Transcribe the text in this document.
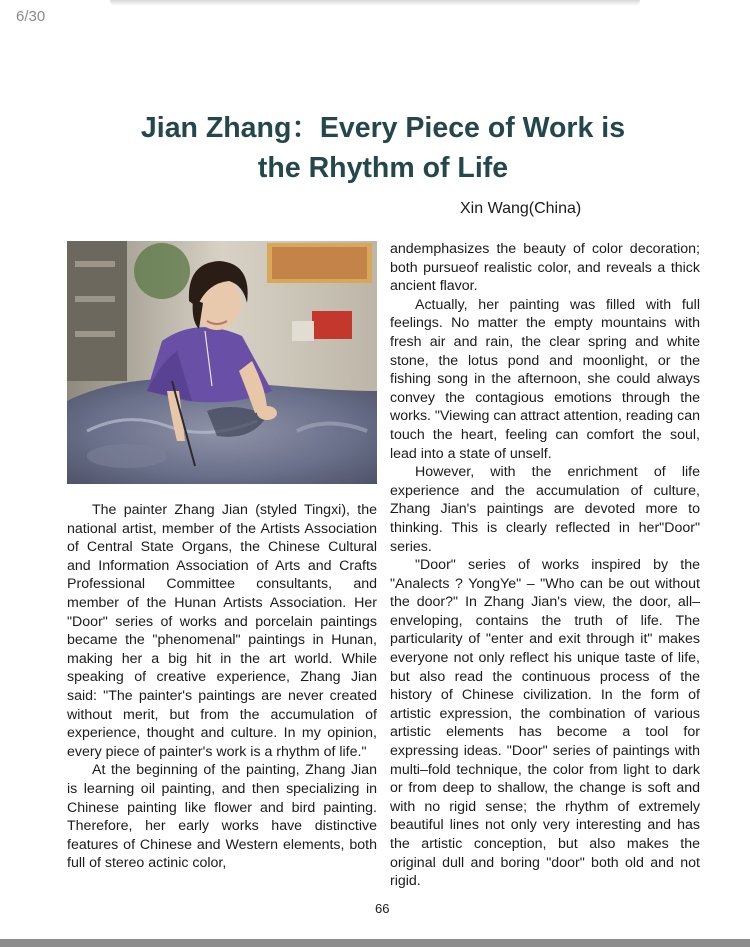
6/30
Jian Zhang：Every Piece of Work is
the Rhythm of Life
Xin Wang(China)

The painter Zhang Jian (styled Tingxi), the national artist, member of the Artists Association of Central State Organs, the Chinese Cultural and Information Association of Arts and Crafts Professional Committee consultants, and member of the Hunan Artists Association. Her "Door" series of works and porcelain paintings became the "phenomenal" paintings in Hunan, making her a big hit in the art world. While speaking of creative experience, Zhang Jian said: "The painter's paintings are never created without merit, but from the accumulation of experience, thought and culture. In my opinion, every piece of painter's work is a rhythm of life."

At the beginning of the painting, Zhang Jian is learning oil painting, and then specializing in Chinese painting like flower and bird painting. Therefore, her early works have distinctive features of Chinese and Western elements, both full of stereo actinic color,

andemphasizes the beauty of color decoration; both pursueof realistic color, and reveals a thick ancient flavor.

Actually, her painting was filled with full feelings. No matter the empty mountains with fresh air and rain, the clear spring and white stone, the lotus pond and moonlight, or the fishing song in the afternoon, she could always convey the contagious emotions through the works. "Viewing can attract attention, reading can touch the heart, feeling can comfort the soul, lead into a state of unself.

However, with the enrichment of life experience and the accumulation of culture, Zhang Jian's paintings are devoted more to thinking. This is clearly reflected in her"Door" series.

"Door" series of works inspired by the "Analects ? YongYe" – "Who can be out without the door?" In Zhang Jian's view, the door, all–enveloping, contains the truth of life. The particularity of "enter and exit through it" makes everyone not only reflect his unique taste of life, but also read the continuous process of the history of Chinese civilization. In the form of artistic expression, the combination of various artistic elements has become a tool for expressing ideas. "Door" series of paintings with multi–fold technique, the color from light to dark or from deep to shallow, the change is soft and with no rigid sense; the rhythm of extremely beautiful lines not only very interesting and has the artistic conception, but also makes the original dull and boring "door" both old and not rigid.

66
